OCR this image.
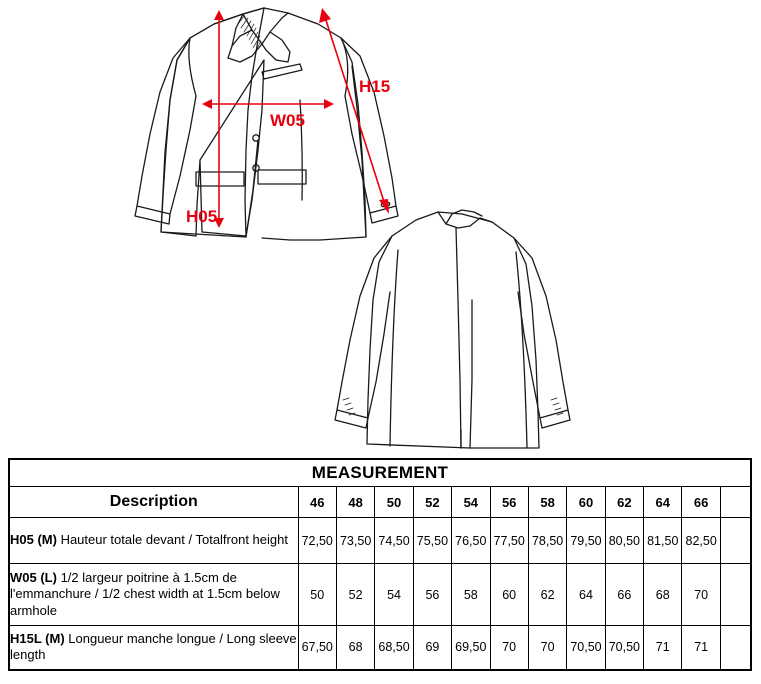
H15
W05
H05
MEASUREMENT												
Description	46	48	50	52	54	56	58	60	62	64	66	
H05 (M) Hauteur totale devant / Totalfront height	72,50	73,50	74,50	75,50	76,50	77,50	78,50	79,50	80,50	81,50	82,50	
W05 (L) 1/2 largeur poitrine à 1.5cm de l'emmanchure / 1/2 chest width at 1.5cm below armhole	50	52	54	56	58	60	62	64	66	68	70	
H15L (M) Longueur manche longue / Long sleeve length	67,50	68	68,50	69	69,50	70	70	70,50	70,50	71	71	
